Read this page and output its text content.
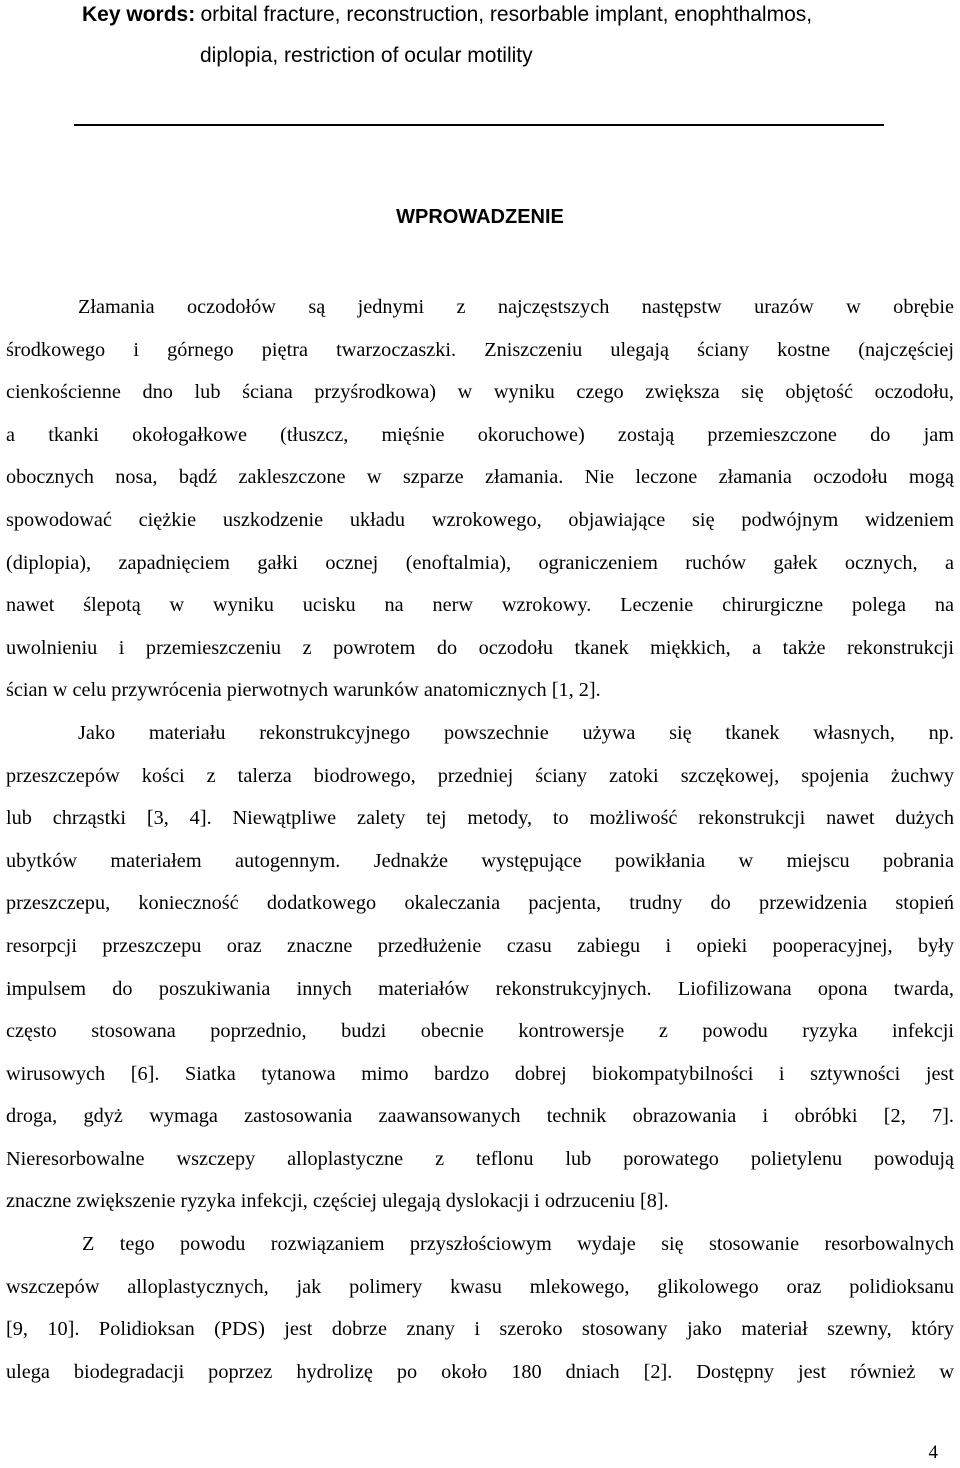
Key words: orbital fracture, reconstruction, resorbable implant, enophthalmos,
diplopia, restriction of ocular motility
WPROWADZENIE

Złamania oczodołów są jednymi z najczęstszych następstw urazów w obrębie

środkowego i górnego piętra twarzoczaszki. Zniszczeniu ulegają ściany kostne (najczęściej

cienkościenne dno lub ściana przyśrodkowa) w wyniku czego zwiększa się objętość oczodołu,

a tkanki okołogałkowe (tłuszcz, mięśnie okoruchowe) zostają przemieszczone do jam

obocznych nosa, bądź zakleszczone w szparze złamania. Nie leczone złamania oczodołu mogą

spowodować ciężkie uszkodzenie układu wzrokowego, objawiające się podwójnym widzeniem

(diplopia), zapadnięciem gałki ocznej (enoftalmia), ograniczeniem ruchów gałek ocznych, a

nawet ślepotą w wyniku ucisku na nerw wzrokowy. Leczenie chirurgiczne polega na

uwolnieniu i przemieszczeniu z powrotem do oczodołu tkanek miękkich, a także rekonstrukcji

ścian w celu przywrócenia pierwotnych warunków anatomicznych [1, 2].

Jako materiału rekonstrukcyjnego powszechnie używa się tkanek własnych, np.

przeszczepów kości z talerza biodrowego, przedniej ściany zatoki szczękowej, spojenia żuchwy

lub chrząstki [3, 4]. Niewątpliwe zalety tej metody, to możliwość rekonstrukcji nawet dużych

ubytków materiałem autogennym. Jednakże występujące powikłania w miejscu pobrania

przeszczepu, konieczność dodatkowego okaleczania pacjenta, trudny do przewidzenia stopień

resorpcji przeszczepu oraz znaczne przedłużenie czasu zabiegu i opieki pooperacyjnej, były

impulsem do poszukiwania innych materiałów rekonstrukcyjnych. Liofilizowana opona twarda,

często stosowana poprzednio, budzi obecnie kontrowersje z powodu ryzyka infekcji

wirusowych [6]. Siatka tytanowa mimo bardzo dobrej biokompatybilności i sztywności jest

droga, gdyż wymaga zastosowania zaawansowanych technik obrazowania i obróbki [2, 7].

Nieresorbowalne wszczepy alloplastyczne z teflonu lub porowatego polietylenu powodują

znaczne zwiększenie ryzyka infekcji, częściej ulegają dyslokacji i odrzuceniu [8].

Z tego powodu rozwiązaniem przyszłościowym wydaje się stosowanie resorbowalnych

wszczepów alloplastycznych, jak polimery kwasu mlekowego, glikolowego oraz polidioksanu

[9, 10]. Polidioksan (PDS) jest dobrze znany i szeroko stosowany jako materiał szewny, który

ulega biodegradacji poprzez hydrolizę po około 180 dniach [2]. Dostępny jest również w

4
